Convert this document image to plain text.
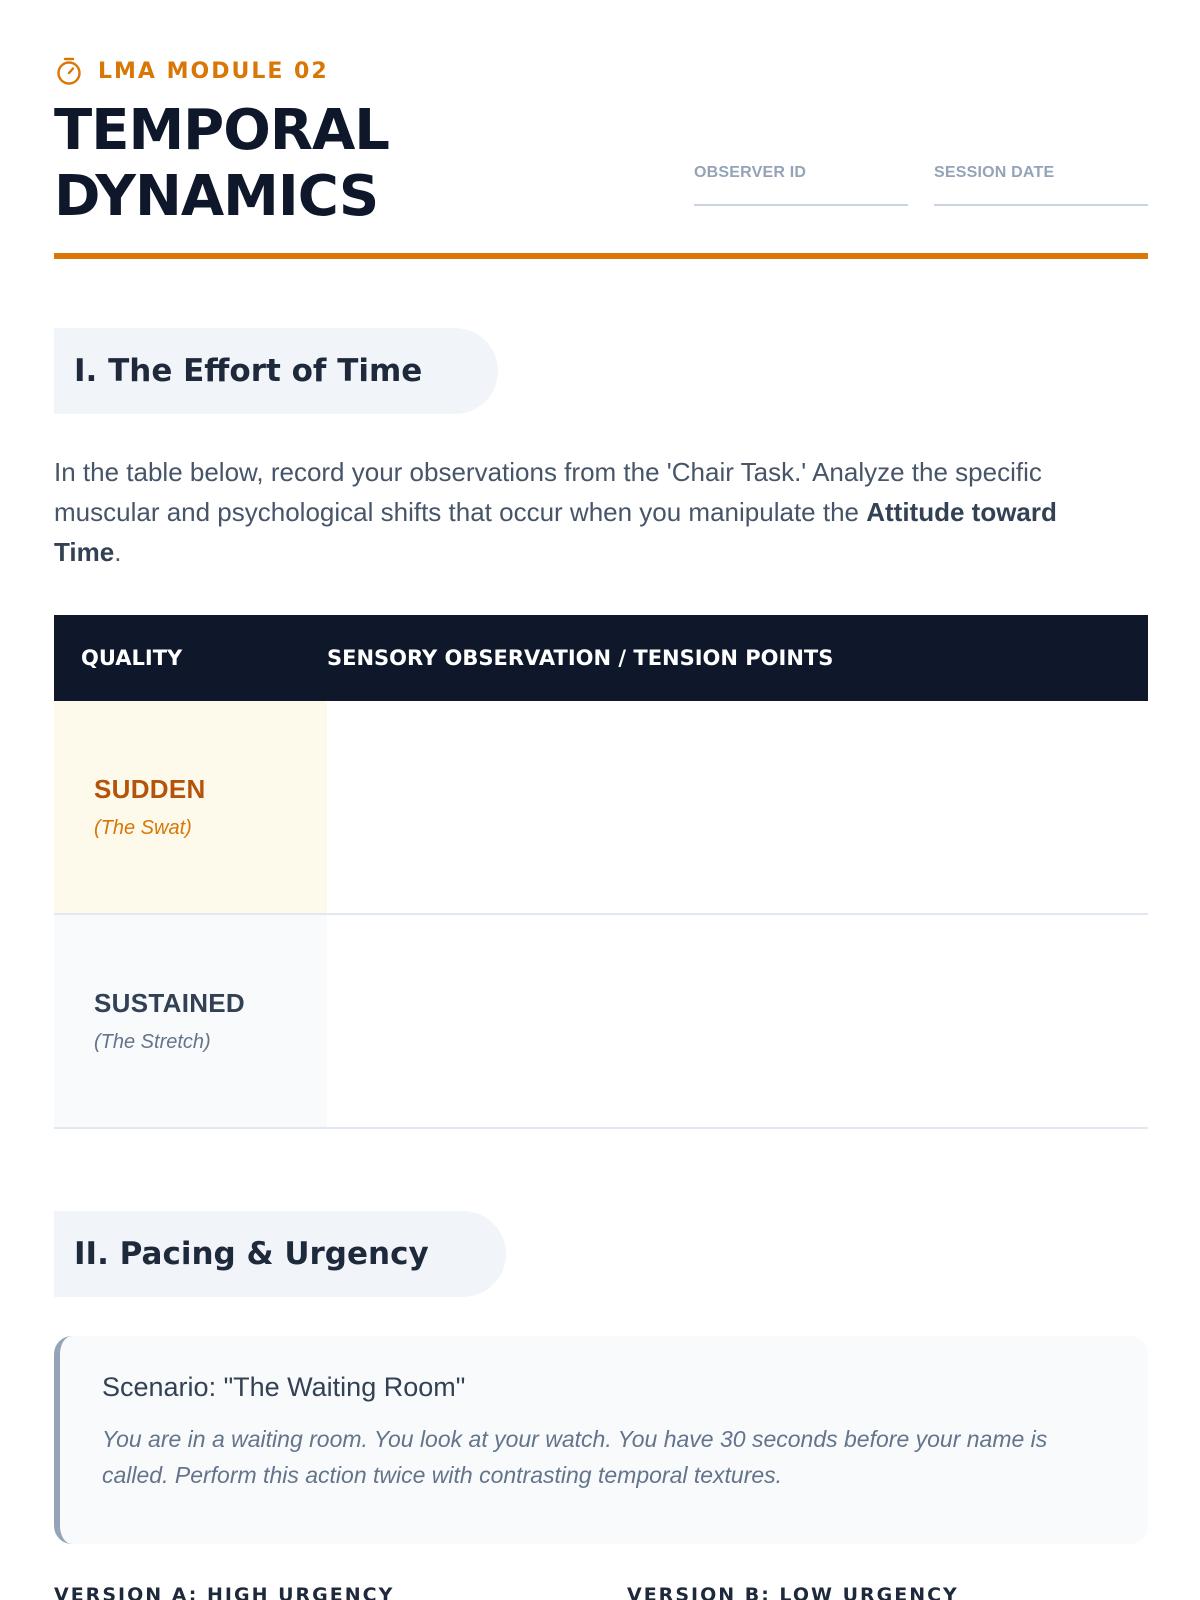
LMA MODULE 02
TEMPORAL
DYNAMICS	OBSERVER ID	SESSION DATE
I. The Effort of Time

In the table below, record your observations from the 'Chair Task.' Analyze the specific muscular and psychological shifts that occur when you manipulate the Attitude toward Time.

QUALITY	SENSORY OBSERVATION / TENSION POINTS
SUDDEN
(The Swat)
SUSTAINED
(The Stretch)
II. Pacing & Urgency

Scenario: "The Waiting Room"

You are in a waiting room. You look at your watch. You have 30 seconds before your name is called. Perform this action twice with contrasting temporal textures.

VERSION A: HIGH URGENCY	VERSION B: LOW URGENCY
